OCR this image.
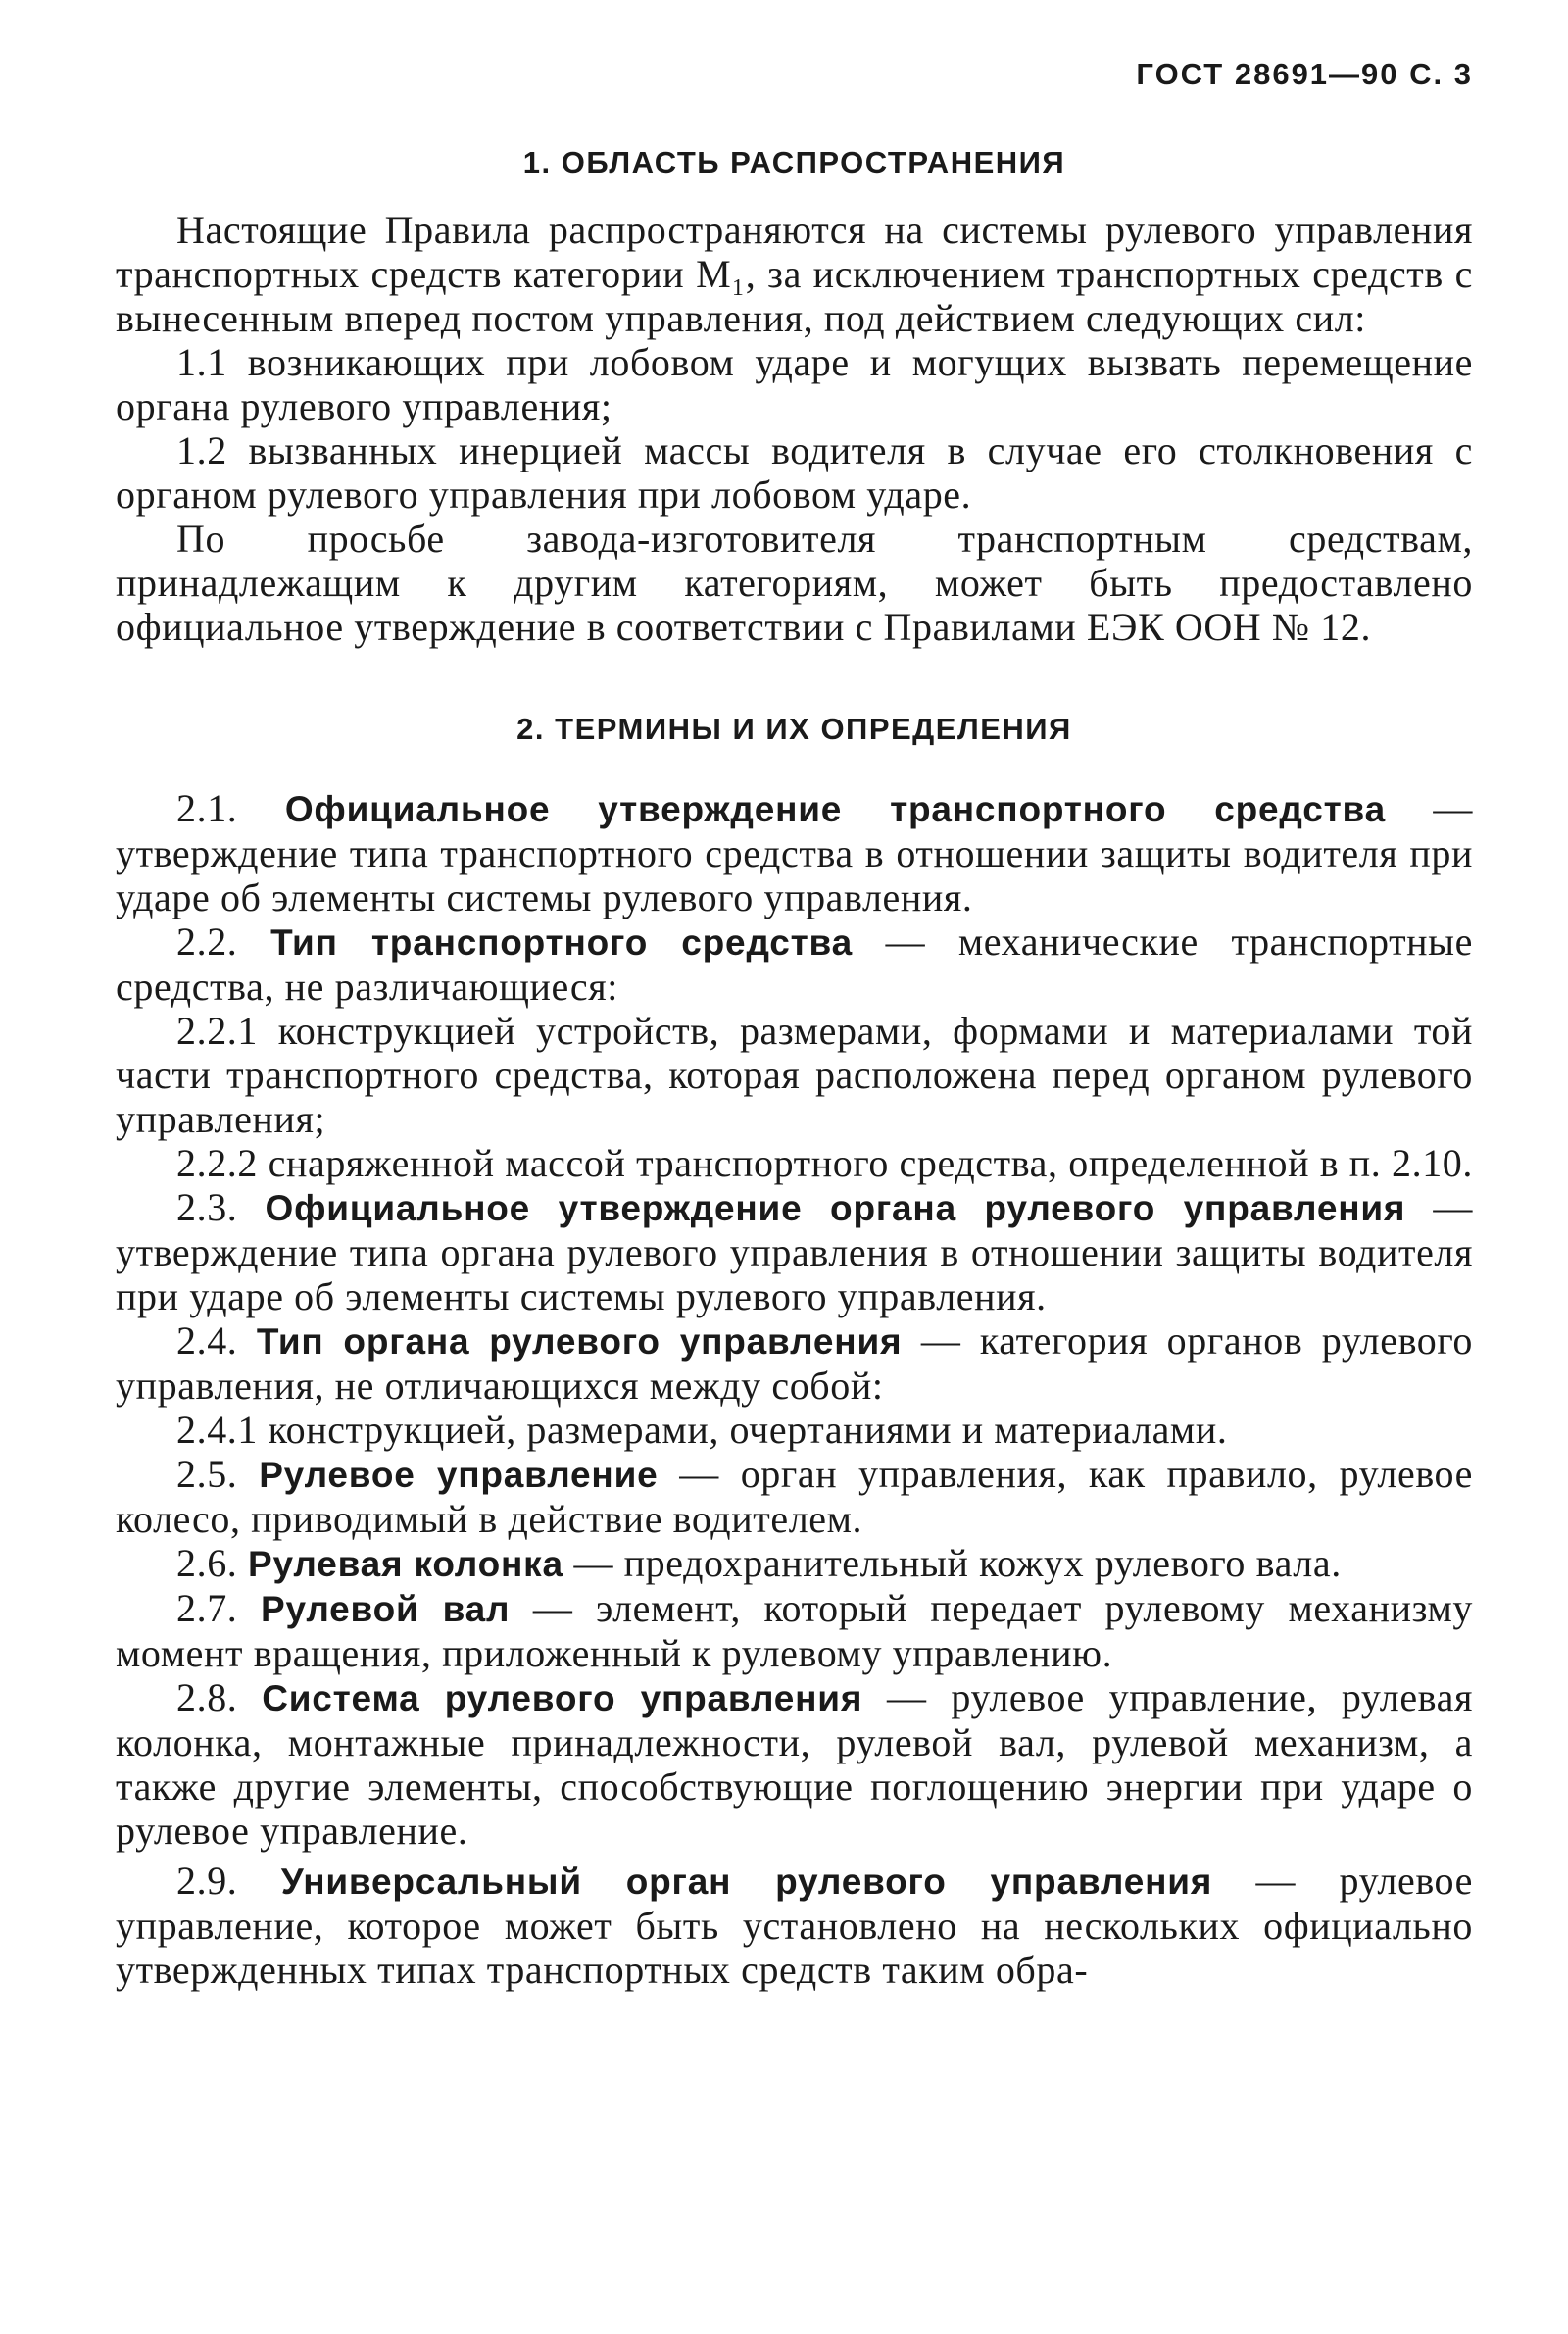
ГОСТ 28691—90 С. 3
1. ОБЛАСТЬ РАСПРОСТРАНЕНИЯ

Настоящие Правила распространяются на системы рулевого управления транспортных средств категории M₁, за исключением транспортных средств с вынесенным вперед постом управления, под действием следующих сил:

1.1 возникающих при лобовом ударе и могущих вызвать перемещение органа рулевого управления;

1.2 вызванных инерцией массы водителя в случае его столкновения с органом рулевого управления при лобовом ударе.

По просьбе завода-изготовителя транспортным средствам, принадлежащим к другим категориям, может быть предоставлено официальное утверждение в соответствии с Правилами ЕЭК ООН № 12.

2. ТЕРМИНЫ И ИХ ОПРЕДЕЛЕНИЯ

2.1. Официальное утверждение транспортного средства — утверждение типа транспортного средства в отношении защиты водителя при ударе об элементы системы рулевого управления.

2.2. Тип транспортного средства — механические транспортные средства, не различающиеся:

2.2.1 конструкцией устройств, размерами, формами и материалами той части транспортного средства, которая расположена перед органом рулевого управления;

2.2.2 снаряженной массой транспортного средства, определенной в п. 2.10.

2.3. Официальное утверждение органа рулевого управления — утверждение типа органа рулевого управления в отношении защиты водителя при ударе об элементы системы рулевого управления.

2.4. Тип органа рулевого управления — категория органов рулевого управления, не отличающихся между собой:

2.4.1 конструкцией, размерами, очертаниями и материалами.

2.5. Рулевое управление — орган управления, как правило, рулевое колесо, приводимый в действие водителем.

2.6. Рулевая колонка — предохранительный кожух рулевого вала.

2.7. Рулевой вал — элемент, который передает рулевому механизму момент вращения, приложенный к рулевому управлению.

2.8. Система рулевого управления — рулевое управление, рулевая колонка, монтажные принадлежности, рулевой вал, рулевой механизм, а также другие элементы, способствующие поглощению энергии при ударе о рулевое управление.

2.9. Универсальный орган рулевого управления — рулевое управление, которое может быть установлено на нескольких официально утвержденных типах транспортных средств таким обра-
